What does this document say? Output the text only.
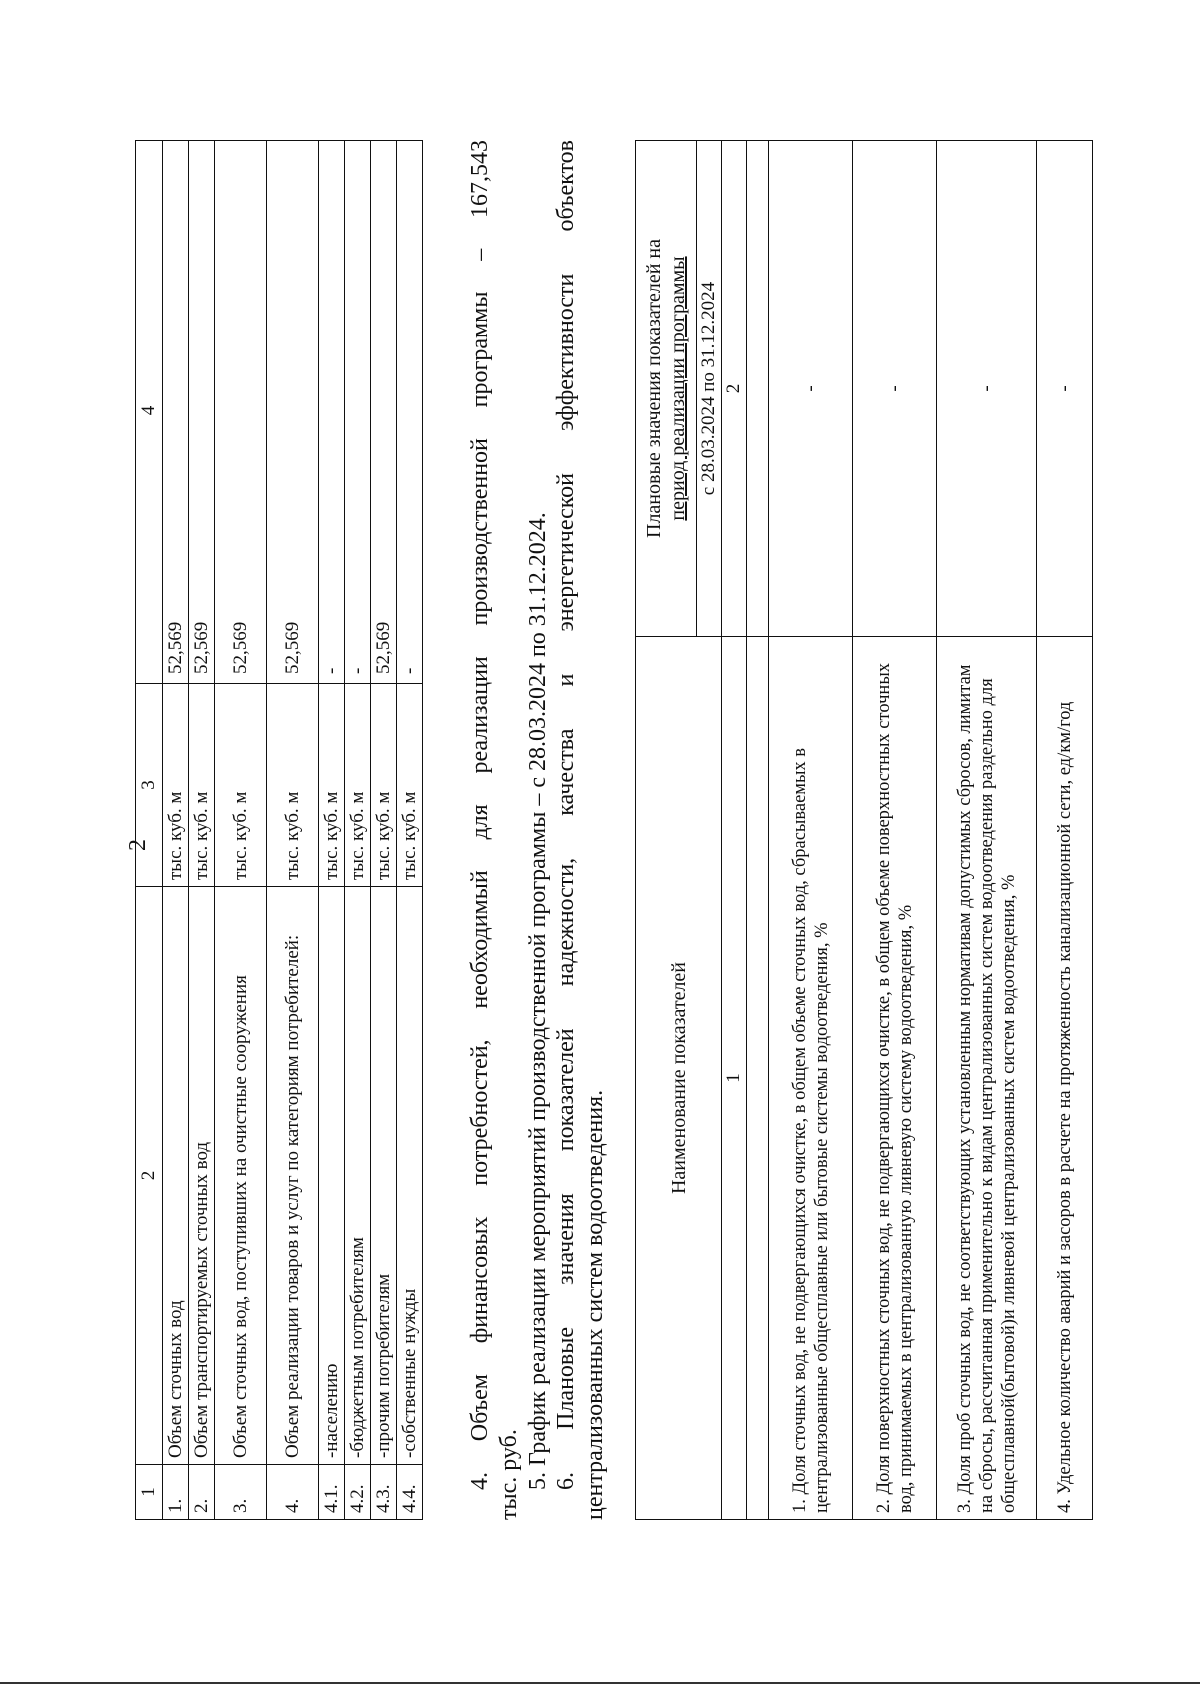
2
1	2	3	4
1.	Объем сточных вод	тыс. куб. м	52,569
2.	Объем транспортируемых сточных вод	тыс. куб. м	52,569
3.	Объем сточных вод, поступивших на очистные сооружения	тыс. куб. м	52,569
4.	Объем реализации товаров и услуг по категориям потребителей:	тыс. куб. м	52,569
4.1.	-населению	тыс. куб. м	-
4.2.	-бюджетным потребителям	тыс. куб. м	-
4.3.	-прочим потребителям	тыс. куб. м	52,569
4.4.	-собственные нужды	тыс. куб. м	- 4. Объем финансовых потребностей, необходимый для реализации производственной программы – 167,543 тыс. руб. 5. График реализации мероприятий производственной программы – с 28.03.2024 по 31.12.2024. 6. Плановые значения показателей надежности, качества и энергетической эффективности объектов централизованных систем водоотведения.
Наименование показателей	Плановые значения показателей на период реализации программы

	с 28.03.2024 по 31.12.2024
1	2

1. Доля сточных вод, не подвергающихся очистке, в общем объеме сточных вод, сбрасываемых в централизованные общесплавные или бытовые системы водоотведения, %	-
2. Доля поверхностных сточных вод, не подвергающихся очистке, в общем объеме поверхностных сточных вод, принимаемых в централизованную ливневую систему водоотведения, %	-
3. Доля проб сточных вод, не соответствующих установленным нормативам допустимых сбросов, лимитам на сбросы, рассчитанная применительно к видам централизованных систем водоотведения раздельно для общесплавной(бытовой)и ливневой централизованных систем водоотведения, %	-
4. Удельное количество аварий и засоров в расчете на протяженность канализационной сети, ед/км/год	-
